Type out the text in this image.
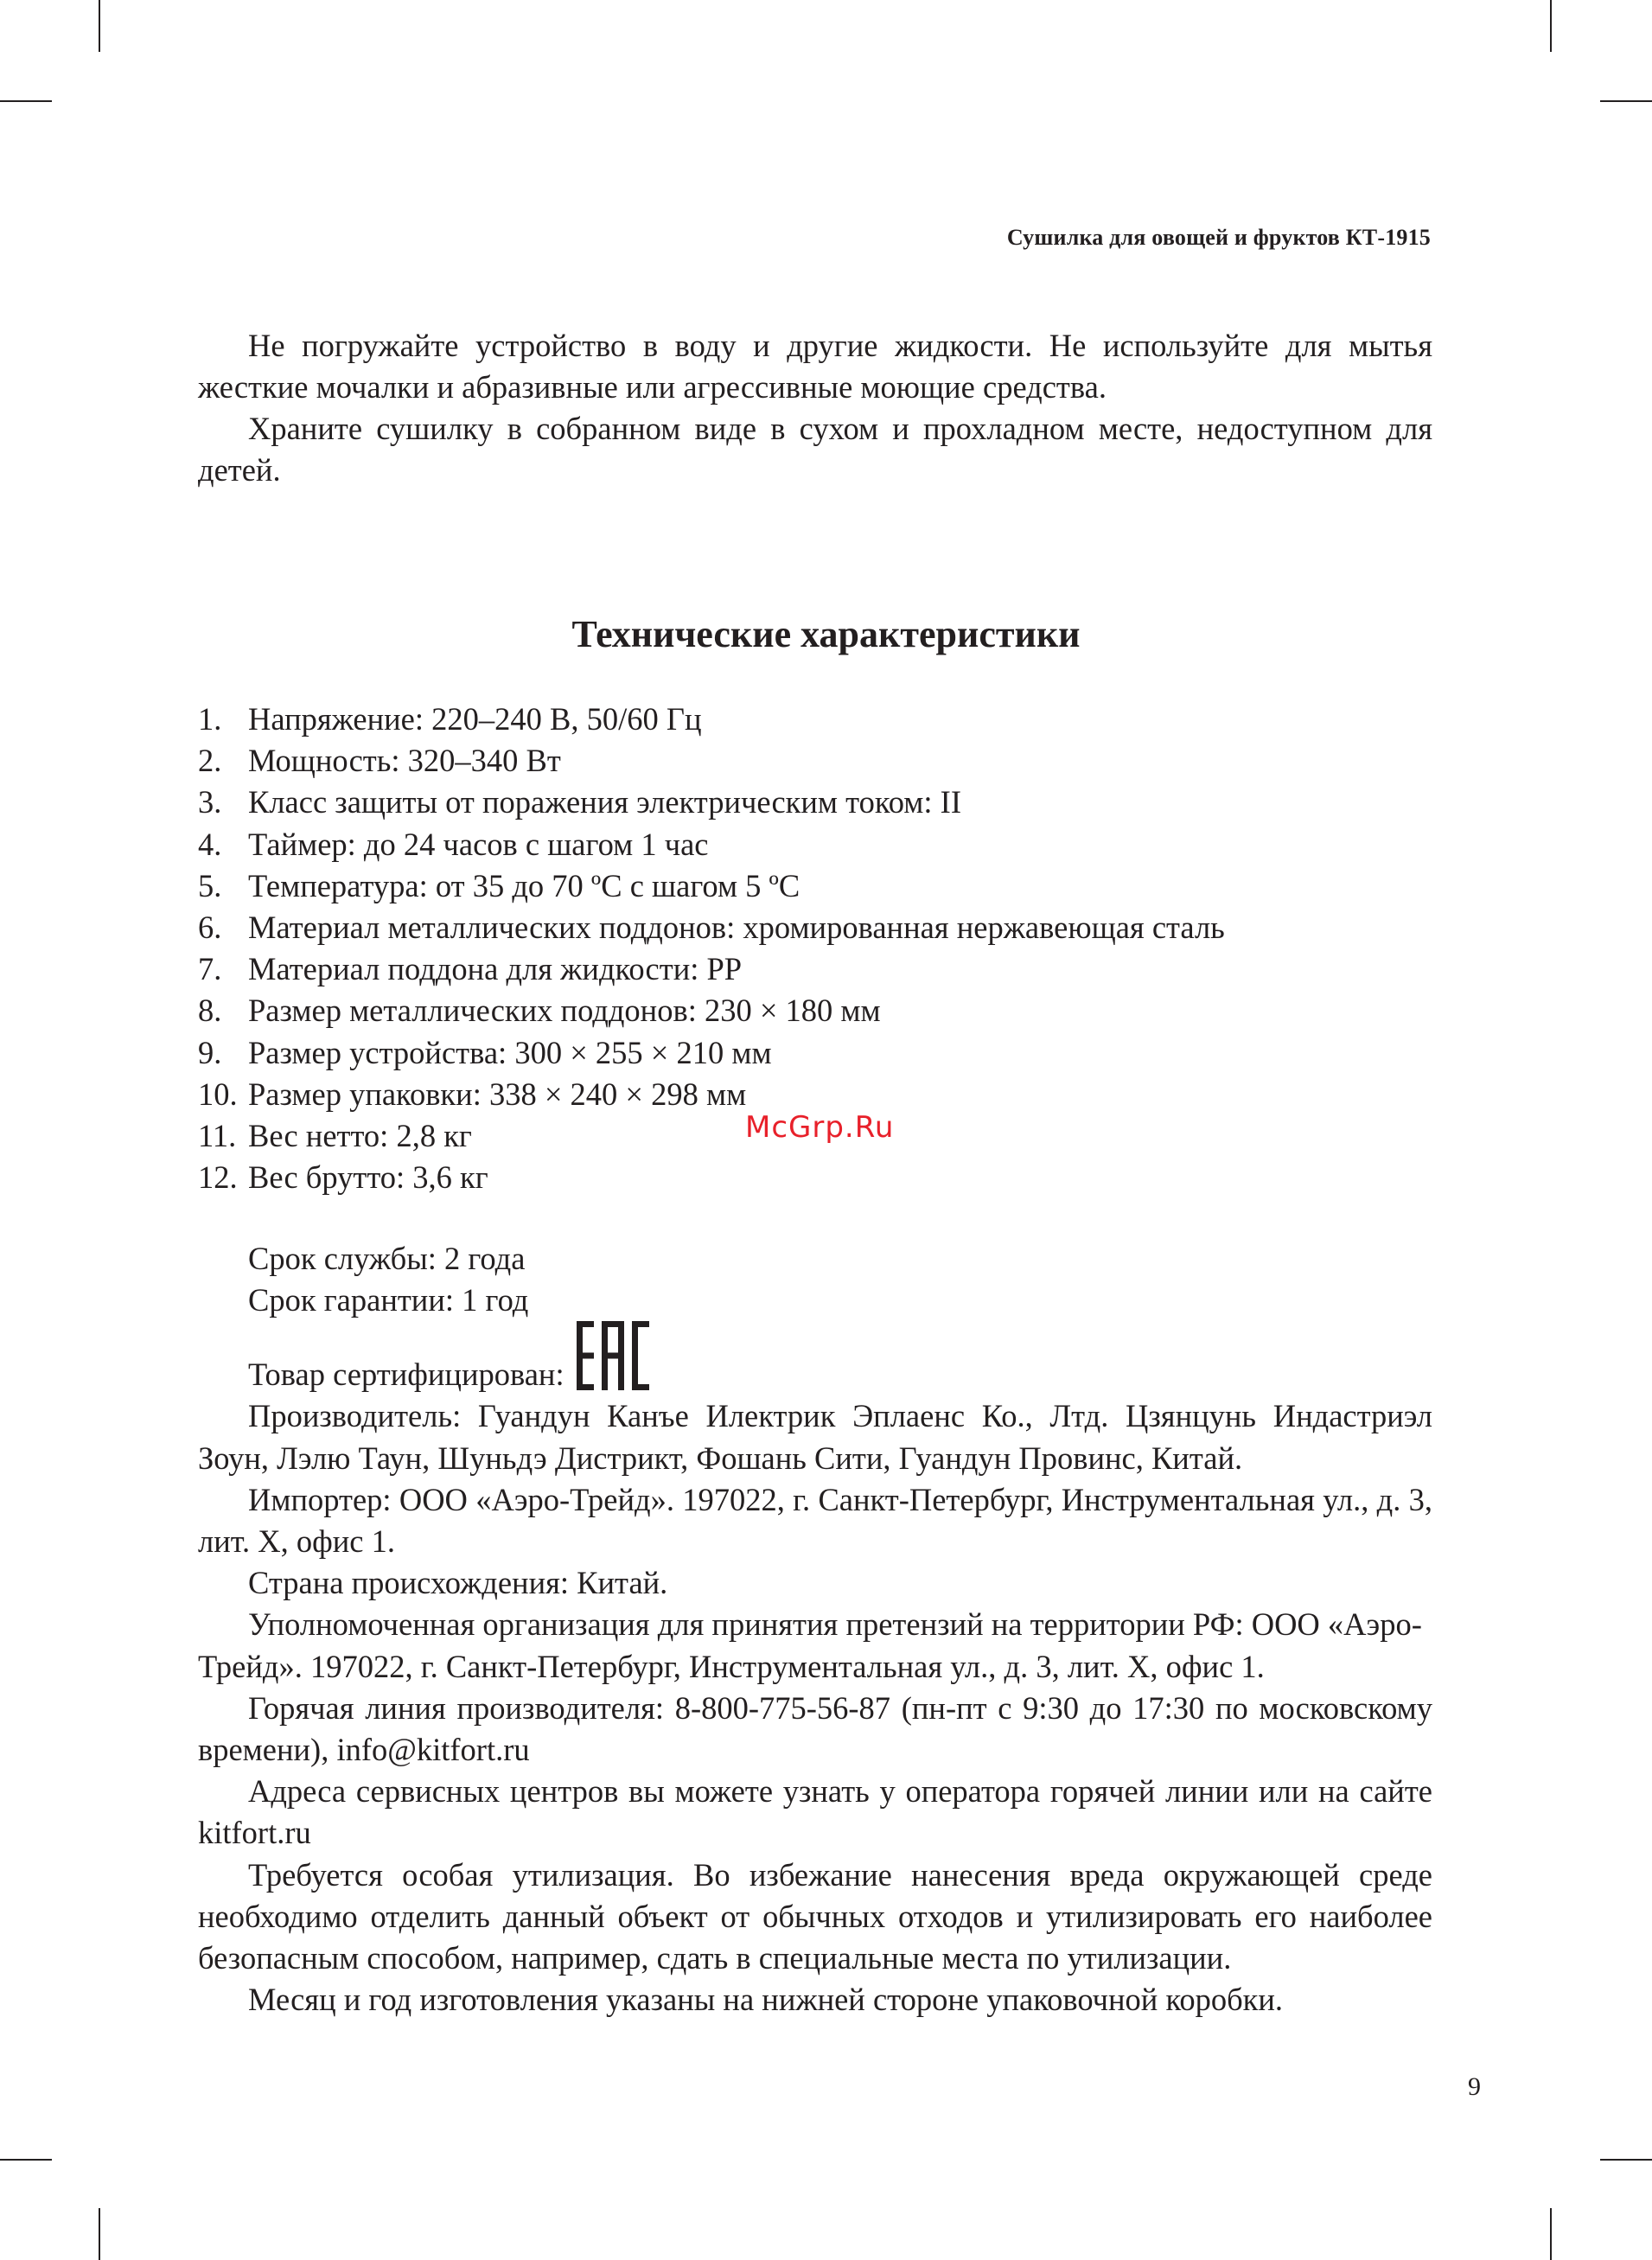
Сушилка для овощей и фруктов КТ-1915

Не погружайте устройство в воду и другие жидкости. Не используйте для мытья жесткие мочалки и абразивные или агрессивные моющие средства.

Храните сушилку в собранном виде в сухом и прохладном месте, недоступном для детей.

Технические характеристики
1. Напряжение: 220–240 В, 50/60 Гц
2. Мощность: 320–340 Вт
3. Класс защиты от поражения электрическим током: II
4. Таймер: до 24 часов с шагом 1 час
5. Температура: от 35 до 70 ºС с шагом 5 ºС
6. Материал металлических поддонов: хромированная нержавеющая сталь
7. Материал поддона для жидкости: PP
8. Размер металлических поддонов: 230 × 180 мм
9. Размер устройства: 300 × 255 × 210 мм
10. Размер упаковки: 338 × 240 × 298 мм
11. Вес нетто: 2,8 кг
12. Вес брутто: 3,6 кг
McGrp.Ru
Срок службы: 2 года
Срок гарантии: 1 год
Товар сертифицирован:

Производитель: Гуандун Канъе Илектрик Эплаенс Ко., Лтд. Цзянцунь Индастриэл Зоун, Лэлю Таун, Шуньдэ Дистрикт, Фошань Сити, Гуандун Провинс, Китай.

Импортер: ООО «Аэро-Трейд». 197022, г. Санкт-Петербург, Инструментальная ул., д. 3, лит. Х, офис 1.

Страна происхождения: Китай.

Уполномоченная организация для принятия претензий на территории РФ: ООО «Аэро-Трейд». 197022, г. Санкт-Петербург, Инструментальная ул., д. 3, лит. Х, офис 1.

Горячая линия производителя: 8-800-775-56-87 (пн-пт с 9:30 до 17:30 по московскому времени), info@kitfort.ru

Адреса сервисных центров вы можете узнать у оператора горячей линии или на сайте kitfort.ru

Требуется особая утилизация. Во избежание нанесения вреда окружающей среде необходимо отделить данный объект от обычных отходов и утилизировать его наиболее безопасным способом, например, сдать в специальные места по утилизации.

Месяц и год изготовления указаны на нижней стороне упаковочной коробки.

9
